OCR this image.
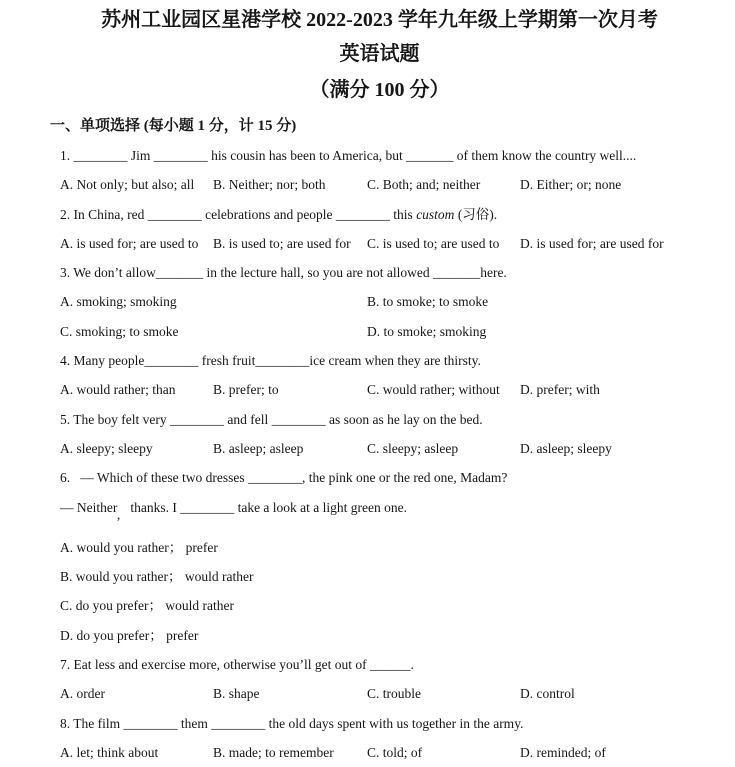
苏州工业园区星港学校 2022-2023 学年九年级上学期第一次月考
英语试题
（满分 100 分）
一、单项选择 (每小题 1 分，计 15 分)
1. ________ Jim ________ his cousin has been to America, but _______ of them know the country well....
A. Not only; but also; all	B. Neither; nor; both	C. Both; and; neither	D. Either; or; none
2. In China, red ________ celebrations and people ________ this custom (习俗).
A. is used for; are used to	B. is used to; are used for	C. is used to; are used to	D. is used for; are used for
3. We don’t allow_______ in the lecture hall, so you are not allowed _______here.
A. smoking; smoking	B. to smoke; to smoke
C. smoking; to smoke	D. to smoke; smoking
4. Many people________ fresh fruit________ice cream when they are thirsty.
A. would rather; than	B. prefer; to	C. would rather; without	D. prefer; with
5. The boy felt very ________ and fell ________ as soon as he lay on the bed.
A. sleepy; sleepy	B. asleep; asleep	C. sleepy; asleep	D. asleep; sleepy
6.   — Which of these two dresses ________, the pink one or the red one, Madam?
— Neither,   thanks. I ________ take a look at a light green one.
A. would you rather； prefer
B. would you rather； would rather
C. do you prefer； would rather
D. do you prefer； prefer
7. Eat less and exercise more, otherwise you’ll get out of ______.
A. order	B. shape	C. trouble	D. control
8. The film ________ them ________ the old days spent with us together in the army.
A. let; think about	B. made; to remember	C. told; of	D. reminded; of
